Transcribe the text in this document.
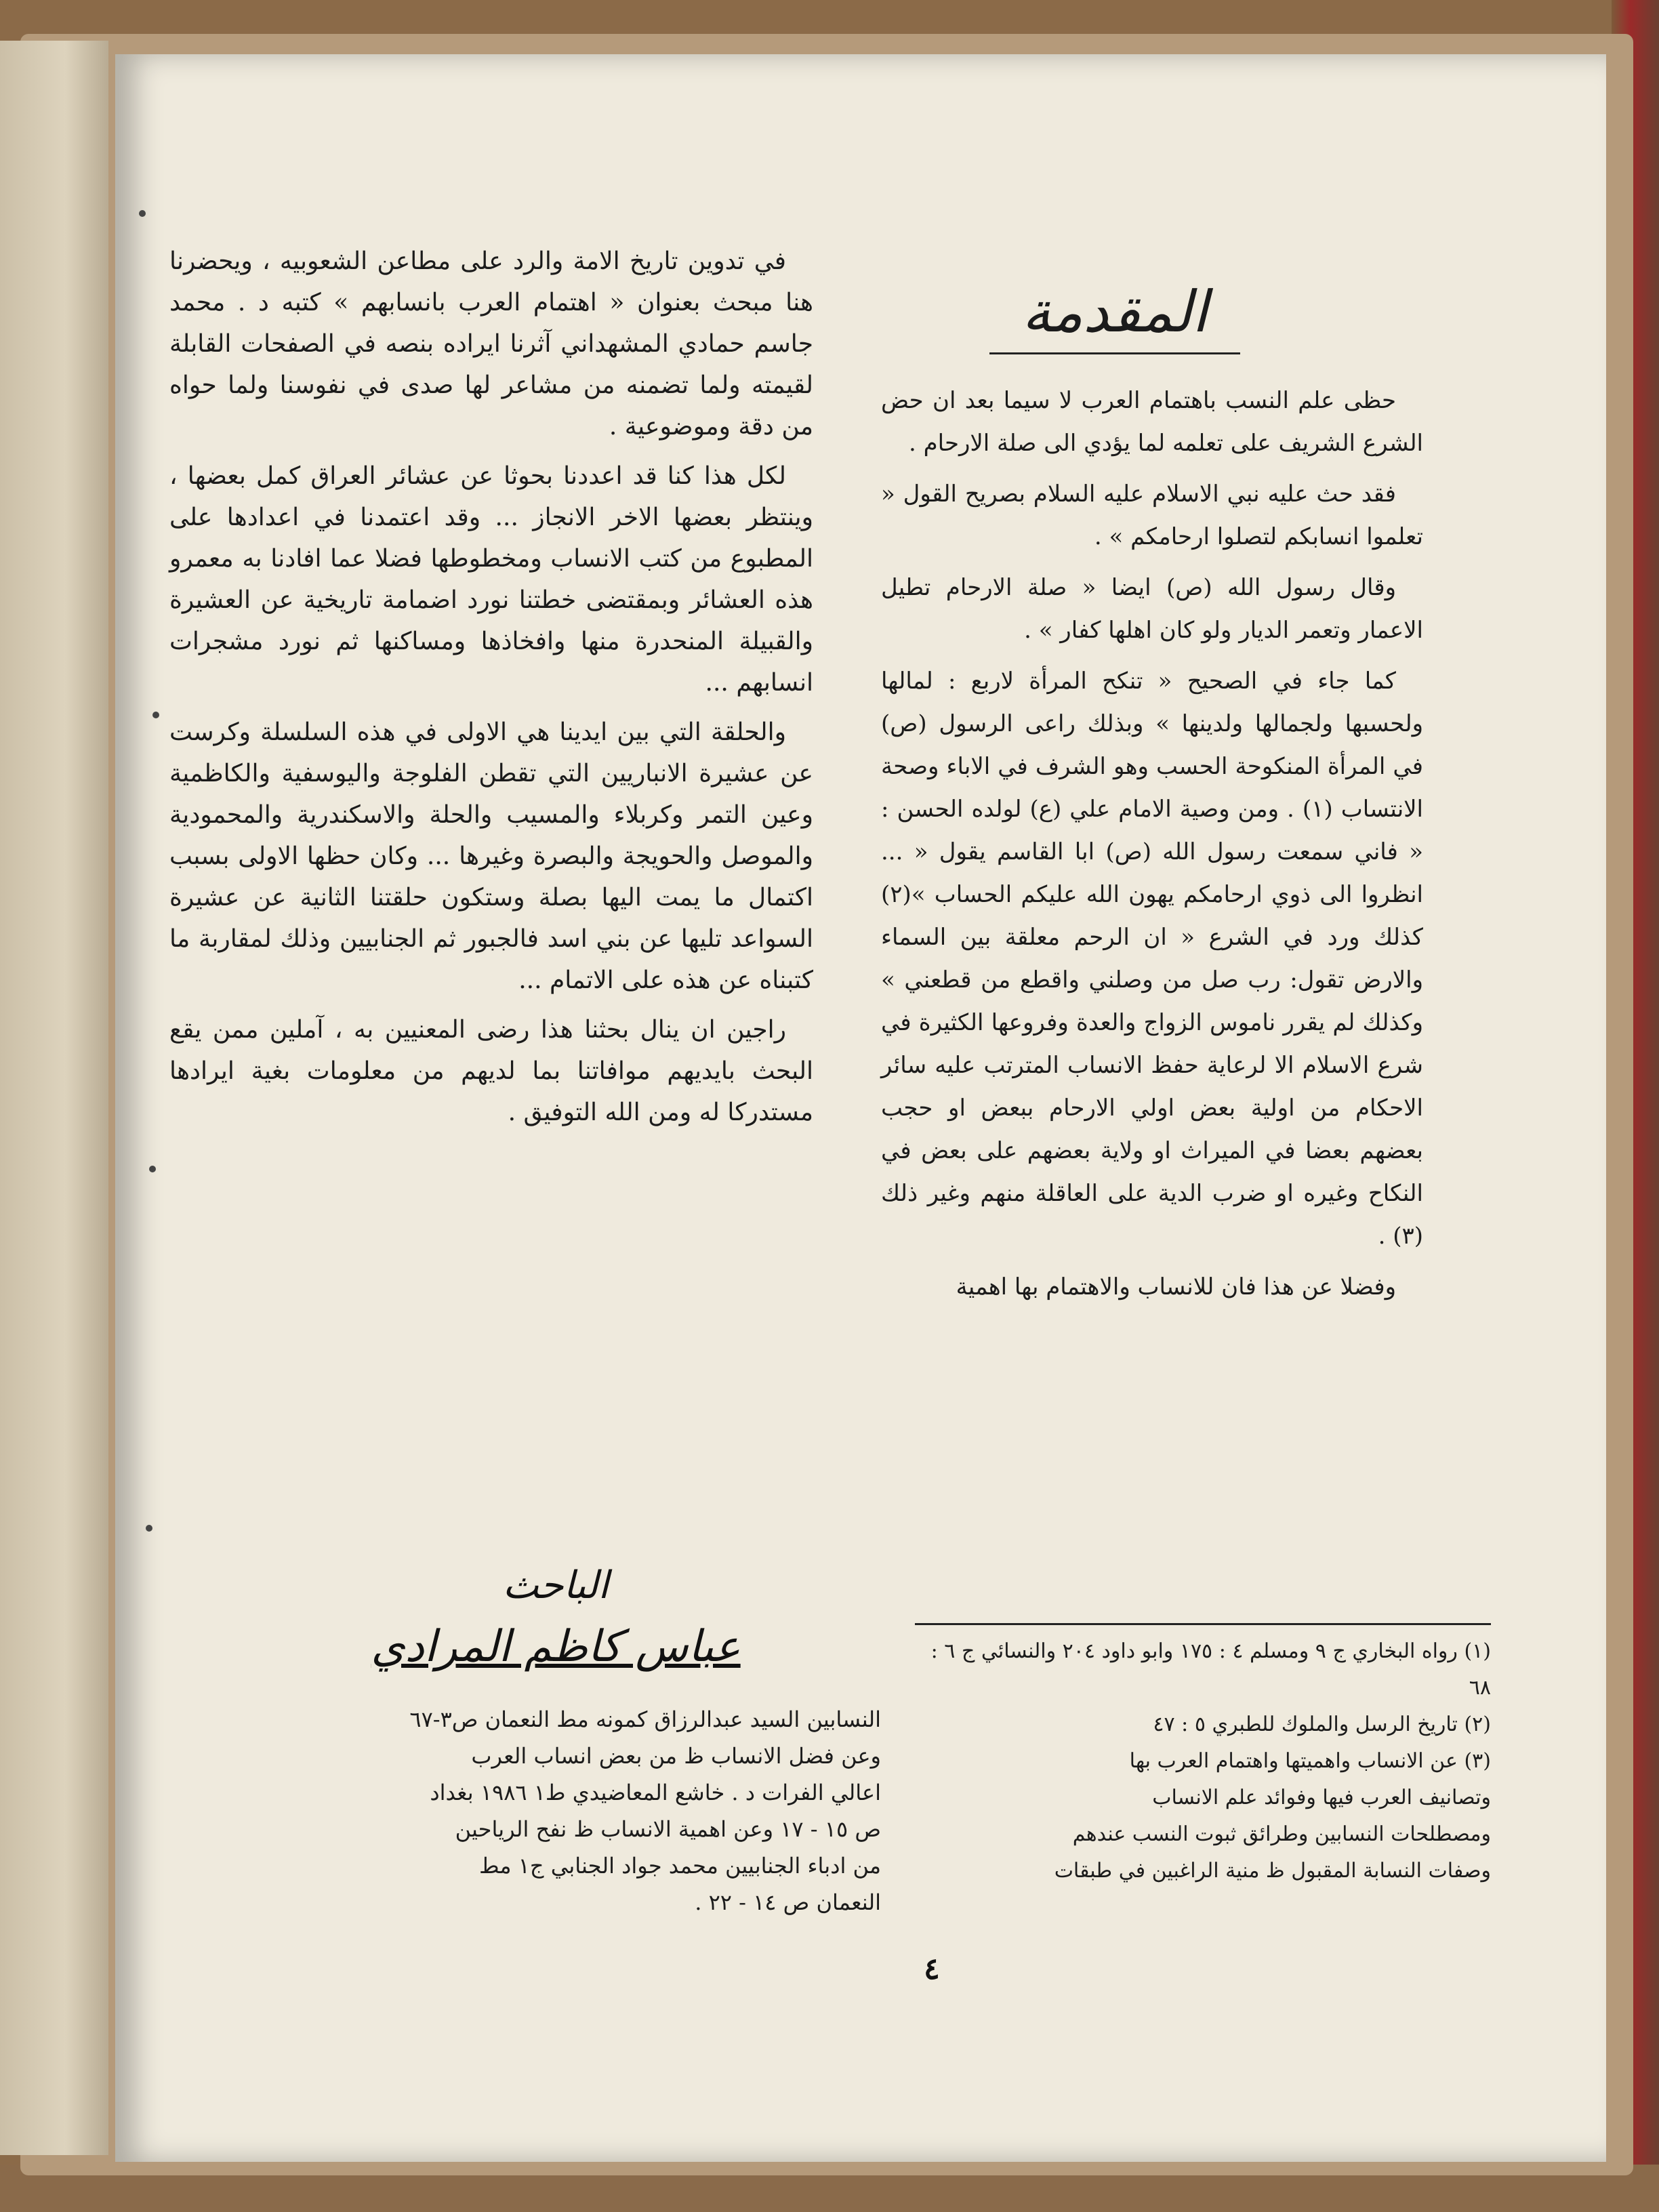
المقدمة

حظى علم النسب باهتمام العرب لا سيما بعد ان حض الشرع الشريف على تعلمه لما يؤدي الى صلة الارحام .

فقد حث عليه نبي الاسلام عليه السلام بصريح القول « تعلموا انسابكم لتصلوا ارحامكم » .

وقال رسول الله (ص) ايضا « صلة الارحام تطيل الاعمار وتعمر الديار ولو كان اهلها كفار » .

كما جاء في الصحيح « تنكح المرأة لاربع : لمالها ولحسبها ولجمالها ولدينها » وبذلك راعى الرسول (ص) في المرأة المنكوحة الحسب وهو الشرف في الاباء وصحة الانتساب (١) . ومن وصية الامام علي (ع) لولده الحسن : « فاني سمعت رسول الله (ص) ابا القاسم يقول « ... انظروا الى ذوي ارحامكم يهون الله عليكم الحساب »(٢) كذلك ورد في الشرع « ان الرحم معلقة بين السماء والارض تقول: رب صل من وصلني واقطع من قطعني » وكذلك لم يقرر ناموس الزواج والعدة وفروعها الكثيرة في شرع الاسلام الا لرعاية حفظ الانساب المترتب عليه سائر الاحكام من اولية بعض اولي الارحام ببعض او حجب بعضهم بعضا في الميراث او ولاية بعضهم على بعض في النكاح وغيره او ضرب الدية على العاقلة منهم وغير ذلك (٣) .

وفضلا عن هذا فان للانساب والاهتمام بها اهمية

(١) رواه البخاري ج ٩ ومسلم ٤ : ١٧٥ وابو داود ٢٠٤ والنسائي ج ٦ : ٦٨
(٢) تاريخ الرسل والملوك للطبري ٥ : ٤٧
(٣) عن الانساب واهميتها واهتمام العرب بها
وتصانيف العرب فيها وفوائد علم الانساب
ومصطلحات النسابين وطرائق ثبوت النسب عندهم
وصفات النسابة المقبول ظ منية الراغبين في طبقات

في تدوين تاريخ الامة والرد على مطاعن الشعوبيه ، ويحضرنا هنا مبحث بعنوان « اهتمام العرب بانسابهم » كتبه د . محمد جاسم حمادي المشهداني آثرنا ايراده بنصه في الصفحات القابلة لقيمته ولما تضمنه من مشاعر لها صدى في نفوسنا ولما حواه من دقة وموضوعية .

لكل هذا كنا قد اعددنا بحوثا عن عشائر العراق كمل بعضها ، وينتظر بعضها الاخر الانجاز ... وقد اعتمدنا في اعدادها على المطبوع من كتب الانساب ومخطوطها فضلا عما افادنا به معمرو هذه العشائر وبمقتضى خطتنا نورد اضمامة تاريخية عن العشيرة والقبيلة المنحدرة منها وافخاذها ومساكنها ثم نورد مشجرات انسابهم ...

والحلقة التي بين ايدينا هي الاولى في هذه السلسلة وكرست عن عشيرة الانباريين التي تقطن الفلوجة واليوسفية والكاظمية وعين التمر وكربلاء والمسيب والحلة والاسكندرية والمحمودية والموصل والحويجة والبصرة وغيرها ... وكان حظها الاولى بسبب اكتمال ما يمت اليها بصلة وستكون حلقتنا الثانية عن عشيرة السواعد تليها عن بني اسد فالجبور ثم الجنابيين وذلك لمقاربة ما كتبناه عن هذه على الاتمام ...

راجين ان ينال بحثنا هذا رضى المعنيين به ، آملين ممن يقع البحث بايديهم موافاتنا بما لديهم من معلومات بغية ايرادها مستدركا له ومن الله التوفيق .

الباحث
عباس كاظم المرادي
النسابين السيد عبدالرزاق كمونه مط النعمان ص٣-٦٧
وعن فضل الانساب ظ من بعض انساب العرب
اعالي الفرات د . خاشع المعاضيدي ط١ ١٩٨٦ بغداد
ص ١٥ - ١٧ وعن اهمية الانساب ظ نفح الرياحين
من ادباء الجنابيين محمد جواد الجنابي ج١ مط
النعمان ص ١٤ - ٢٢ .
٤
